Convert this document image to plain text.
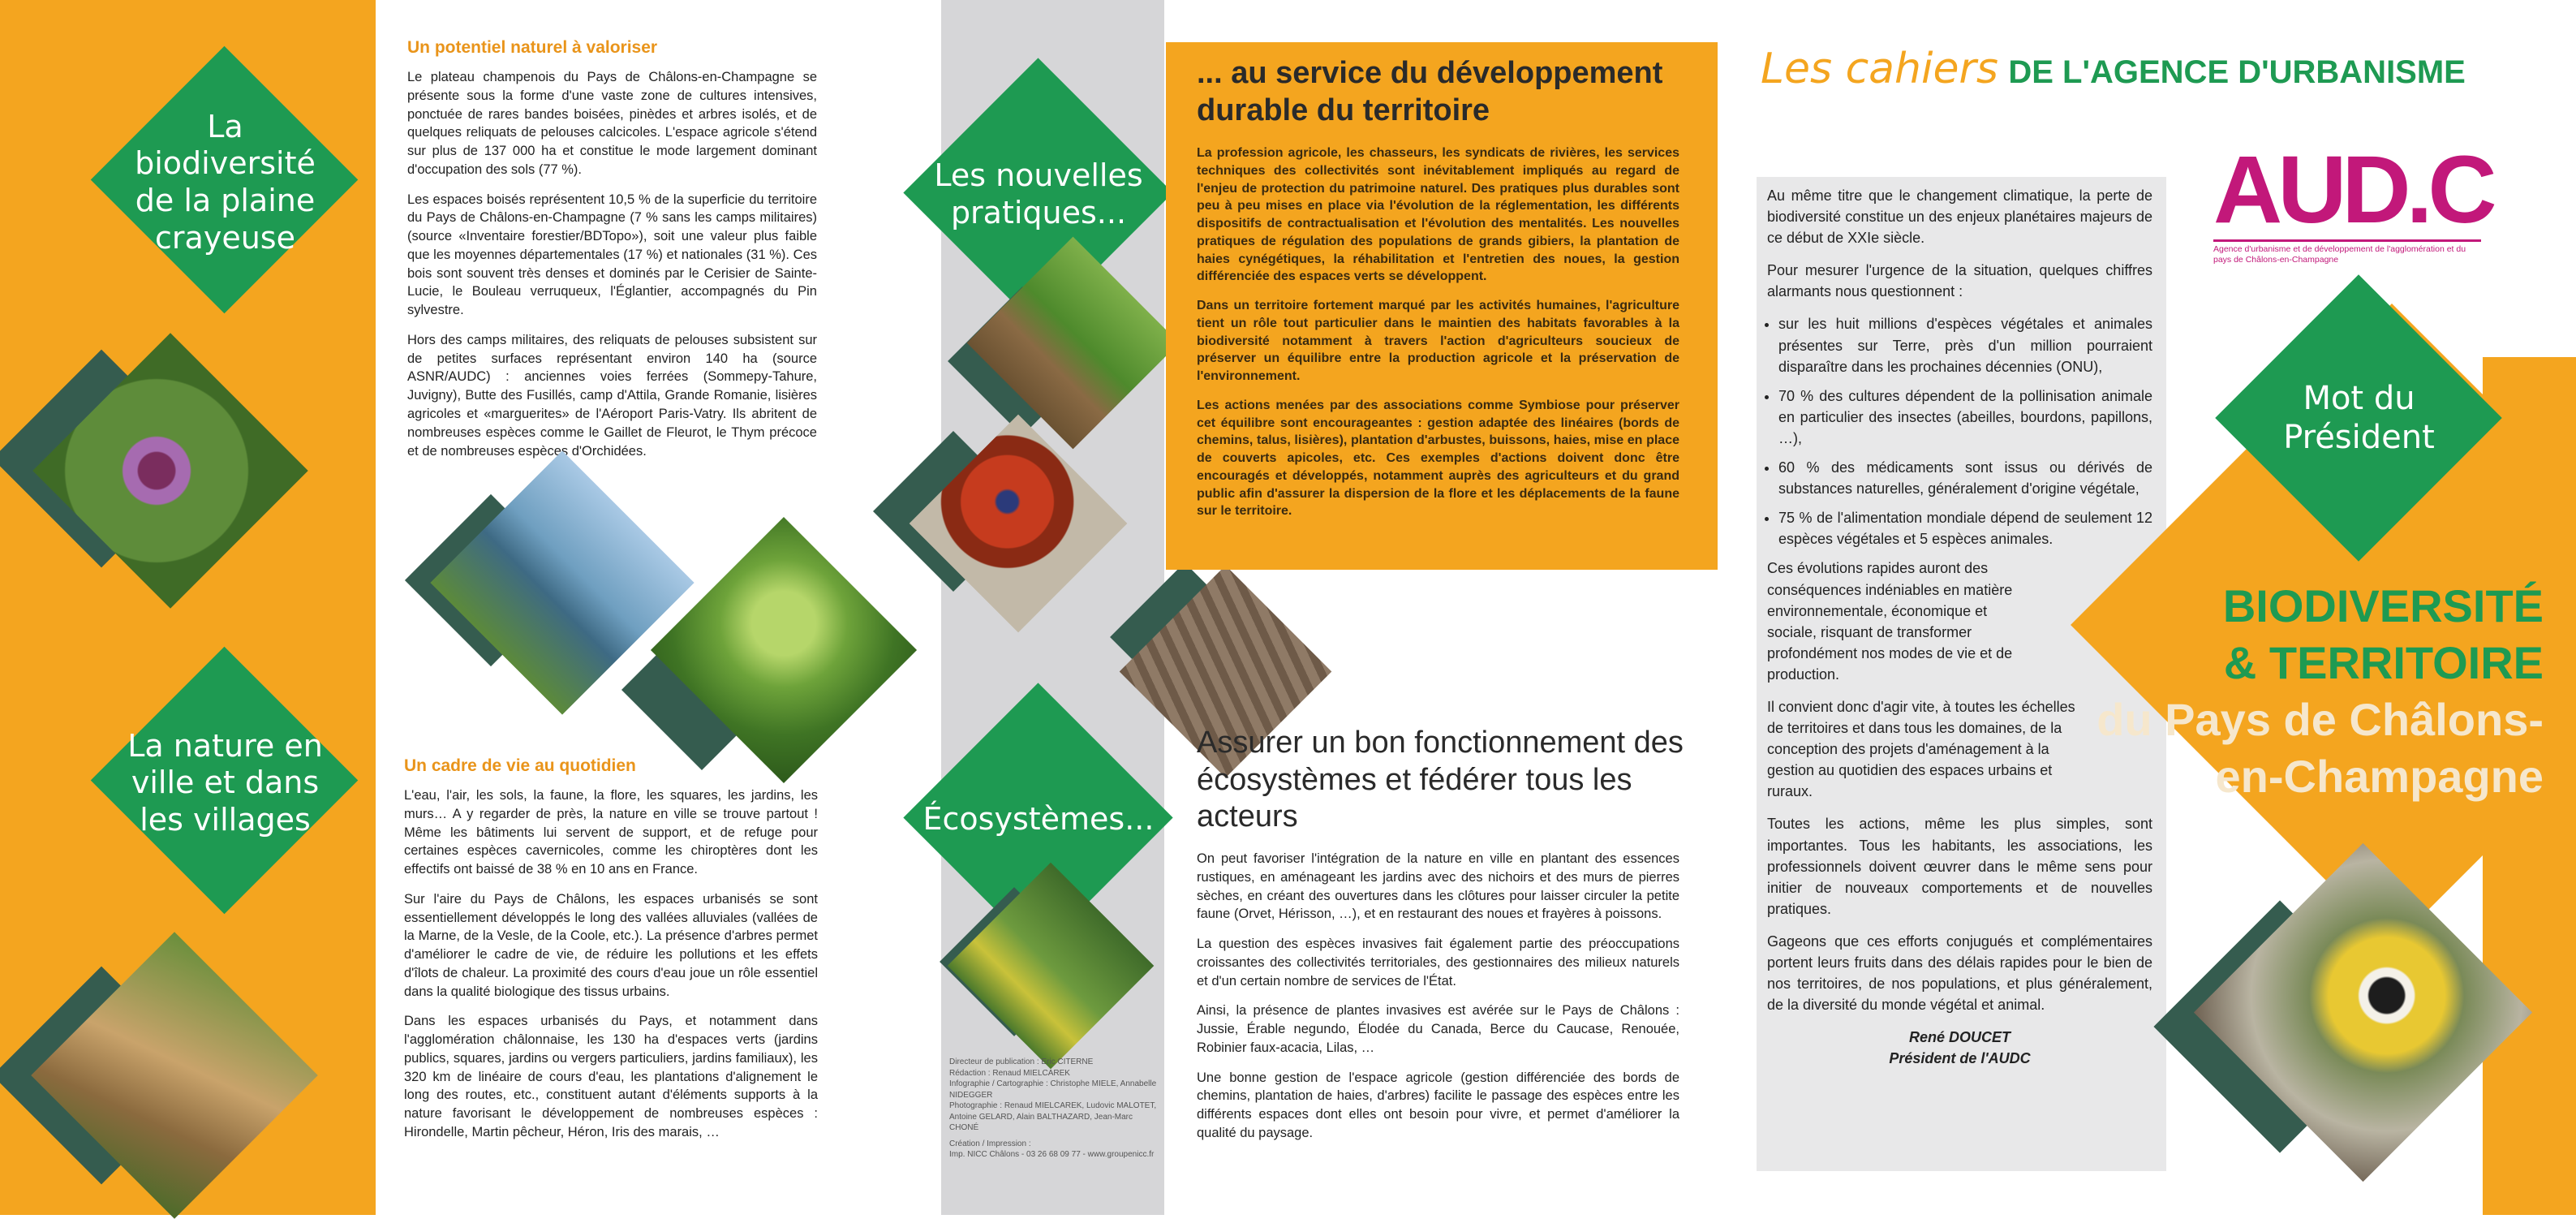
La biodiversité de la plaine crayeuse
La nature en ville et dans les villages
Un potentiel naturel à valoriser

Le plateau champenois du Pays de Châlons-en-Champagne se présente sous la forme d'une vaste zone de cultures intensives, ponctuée de rares bandes boisées, pinèdes et arbres isolés, et de quelques reliquats de pelouses calcicoles. L'espace agricole s'étend sur plus de 137 000 ha et constitue le mode largement dominant d'occupation des sols (77 %).

Les espaces boisés représentent 10,5 % de la superficie du territoire du Pays de Châlons-en-Champagne (7 % sans les camps militaires) (source «Inventaire forestier/BDTopo»), soit une valeur plus faible que les moyennes départementales (17 %) et nationales (31 %). Ces bois sont souvent très denses et dominés par le Cerisier de Sainte-Lucie, le Bouleau verruqueux, l'Églantier, accompagnés du Pin sylvestre.

Hors des camps militaires, des reliquats de pelouses subsistent sur de petites surfaces représentant environ 140 ha (source ASNR/AUDC) : anciennes voies ferrées (Sommepy-Tahure, Juvigny), Butte des Fusillés, camp d'Attila, Grande Romanie, lisières agricoles et «marguerites» de l'Aéroport Paris-Vatry. Ils abritent de nombreuses espèces comme le Gaillet de Fleurot, le Thym précoce et de nombreuses espèces d'Orchidées.

Un cadre de vie au quotidien

L'eau, l'air, les sols, la faune, la flore, les squares, les jardins, les murs… A y regarder de près, la nature en ville se trouve partout ! Même les bâtiments lui servent de support, et de refuge pour certaines espèces cavernicoles, comme les chiroptères dont les effectifs ont baissé de 38 % en 10 ans en France.

Sur l'aire du Pays de Châlons, les espaces urbanisés se sont essentiellement développés le long des vallées alluviales (vallées de la Marne, de la Vesle, de la Coole, etc.). La présence d'arbres permet d'améliorer le cadre de vie, de réduire les pollutions et les effets d'îlots de chaleur. La proximité des cours d'eau joue un rôle essentiel dans la qualité biologique des tissus urbains.

Dans les espaces urbanisés du Pays, et notamment dans l'agglomération châlonnaise, les 130 ha d'espaces verts (jardins publics, squares, jardins ou vergers particuliers, jardins familiaux), les 320 km de linéaire de cours d'eau, les plantations d'alignement le long des routes, etc., constituent autant d'éléments supports à la nature favorisant le développement de nombreuses espèces : Hirondelle, Martin pêcheur, Héron, Iris des marais, …

Les nouvelles pratiques...
Écosystèmes...
Directeur de publication : Eric CITERNE
Rédaction : Renaud MIELCAREK
Infographie / Cartographie : Christophe MIELE, Annabelle NIDEGGER
Photographie : Renaud MIELCAREK, Ludovic MALOTET, Antoine GELARD, Alain BALTHAZARD, Jean-Marc CHONÉ
Création / Impression :
Imp. NICC Châlons - 03 26 68 09 77 - www.groupenicc.fr
... au service du développement durable du territoire

La profession agricole, les chasseurs, les syndicats de rivières, les services techniques des collectivités sont inévitablement impliqués au regard de l'enjeu de protection du patrimoine naturel. Des pratiques plus durables sont peu à peu mises en place via l'évolution de la réglementation, les différents dispositifs de contractualisation et l'évolution des mentalités. Les nouvelles pratiques de régulation des populations de grands gibiers, la plantation de haies cynégétiques, la réhabilitation et l'entretien des noues, la gestion différenciée des espaces verts se développent.

Dans un territoire fortement marqué par les activités humaines, l'agriculture tient un rôle tout particulier dans le maintien des habitats favorables à la biodiversité notamment à travers l'action d'agriculteurs soucieux de préserver un équilibre entre la production agricole et la préservation de l'environnement.

Les actions menées par des associations comme Symbiose pour préserver cet équilibre sont encourageantes : gestion adaptée des linéaires (bords de chemins, talus, lisières), plantation d'arbustes, buissons, haies, mise en place de couverts apicoles, etc. Ces exemples d'actions doivent donc être encouragés et développés, notamment auprès des agriculteurs et du grand public afin d'assurer la dispersion de la flore et les déplacements de la faune sur le territoire.

Assurer un bon fonctionnement des écosystèmes et fédérer tous les acteurs

On peut favoriser l'intégration de la nature en ville en plantant des essences rustiques, en aménageant les jardins avec des nichoirs et des murs de pierres sèches, en créant des ouvertures dans les clôtures pour laisser circuler la petite faune (Orvet, Hérisson, …), et en restaurant des noues et frayères à poissons.

La question des espèces invasives fait également partie des préoccupations croissantes des collectivités territoriales, des gestionnaires des milieux naturels et d'un certain nombre de services de l'État.

Ainsi, la présence de plantes invasives est avérée sur le Pays de Châlons : Jussie, Érable negundo, Élodée du Canada, Berce du Caucase, Renouée, Robinier faux-acacia, Lilas, …

Une bonne gestion de l'espace agricole (gestion différenciée des bords de chemins, plantation de haies, d'arbres) facilite le passage des espèces entre les différents espaces dont elles ont besoin pour vivre, et permet d'améliorer la qualité du paysage.

Au même titre que le changement climatique, la perte de biodiversité constitue un des enjeux planétaires majeurs de ce début de XXIe siècle.

Pour mesurer l'urgence de la situation, quelques chiffres alarmants nous questionnent :

• sur les huit millions d'espèces végétales et animales présentes sur Terre, près d'un million pourraient disparaître dans les prochaines décennies (ONU),
• 70 % des cultures dépendent de la pollinisation animale en particulier des insectes (abeilles, bourdons, papillons, …),
• 60 % des médicaments sont issus ou dérivés de substances naturelles, généralement d'origine végétale,
• 75 % de l'alimentation mondiale dépend de seulement 12 espèces végétales et 5 espèces animales.

Ces évolutions rapides auront des conséquences indéniables en matière environnementale, économique et sociale, risquant de transformer profondément nos modes de vie et de production.

Il convient donc d'agir vite, à toutes les échelles de territoires et dans tous les domaines, de la conception des projets d'aménagement à la gestion au quotidien des espaces urbains et ruraux.

Toutes les actions, même les plus simples, sont importantes. Tous les habitants, les associations, les professionnels doivent œuvrer dans le même sens pour initier de nouveaux comportements et de nouvelles pratiques.

Gageons que ces efforts conjugués et complémentaires portent leurs fruits dans des délais rapides pour le bien de nos territoires, de nos populations, et plus généralement, de la diversité du monde végétal et animal.

René DOUCET
Président de l'AUDC
Les cahiers DE L'AGENCE D'URBANISME
AUD.C
Agence d'urbanisme et de développement de l'agglomération et du pays de Châlons-en-Champagne
Mot du Président
BIODIVERSITÉ
& TERRITOIRE
du Pays de Châlons-
en-Champagne
